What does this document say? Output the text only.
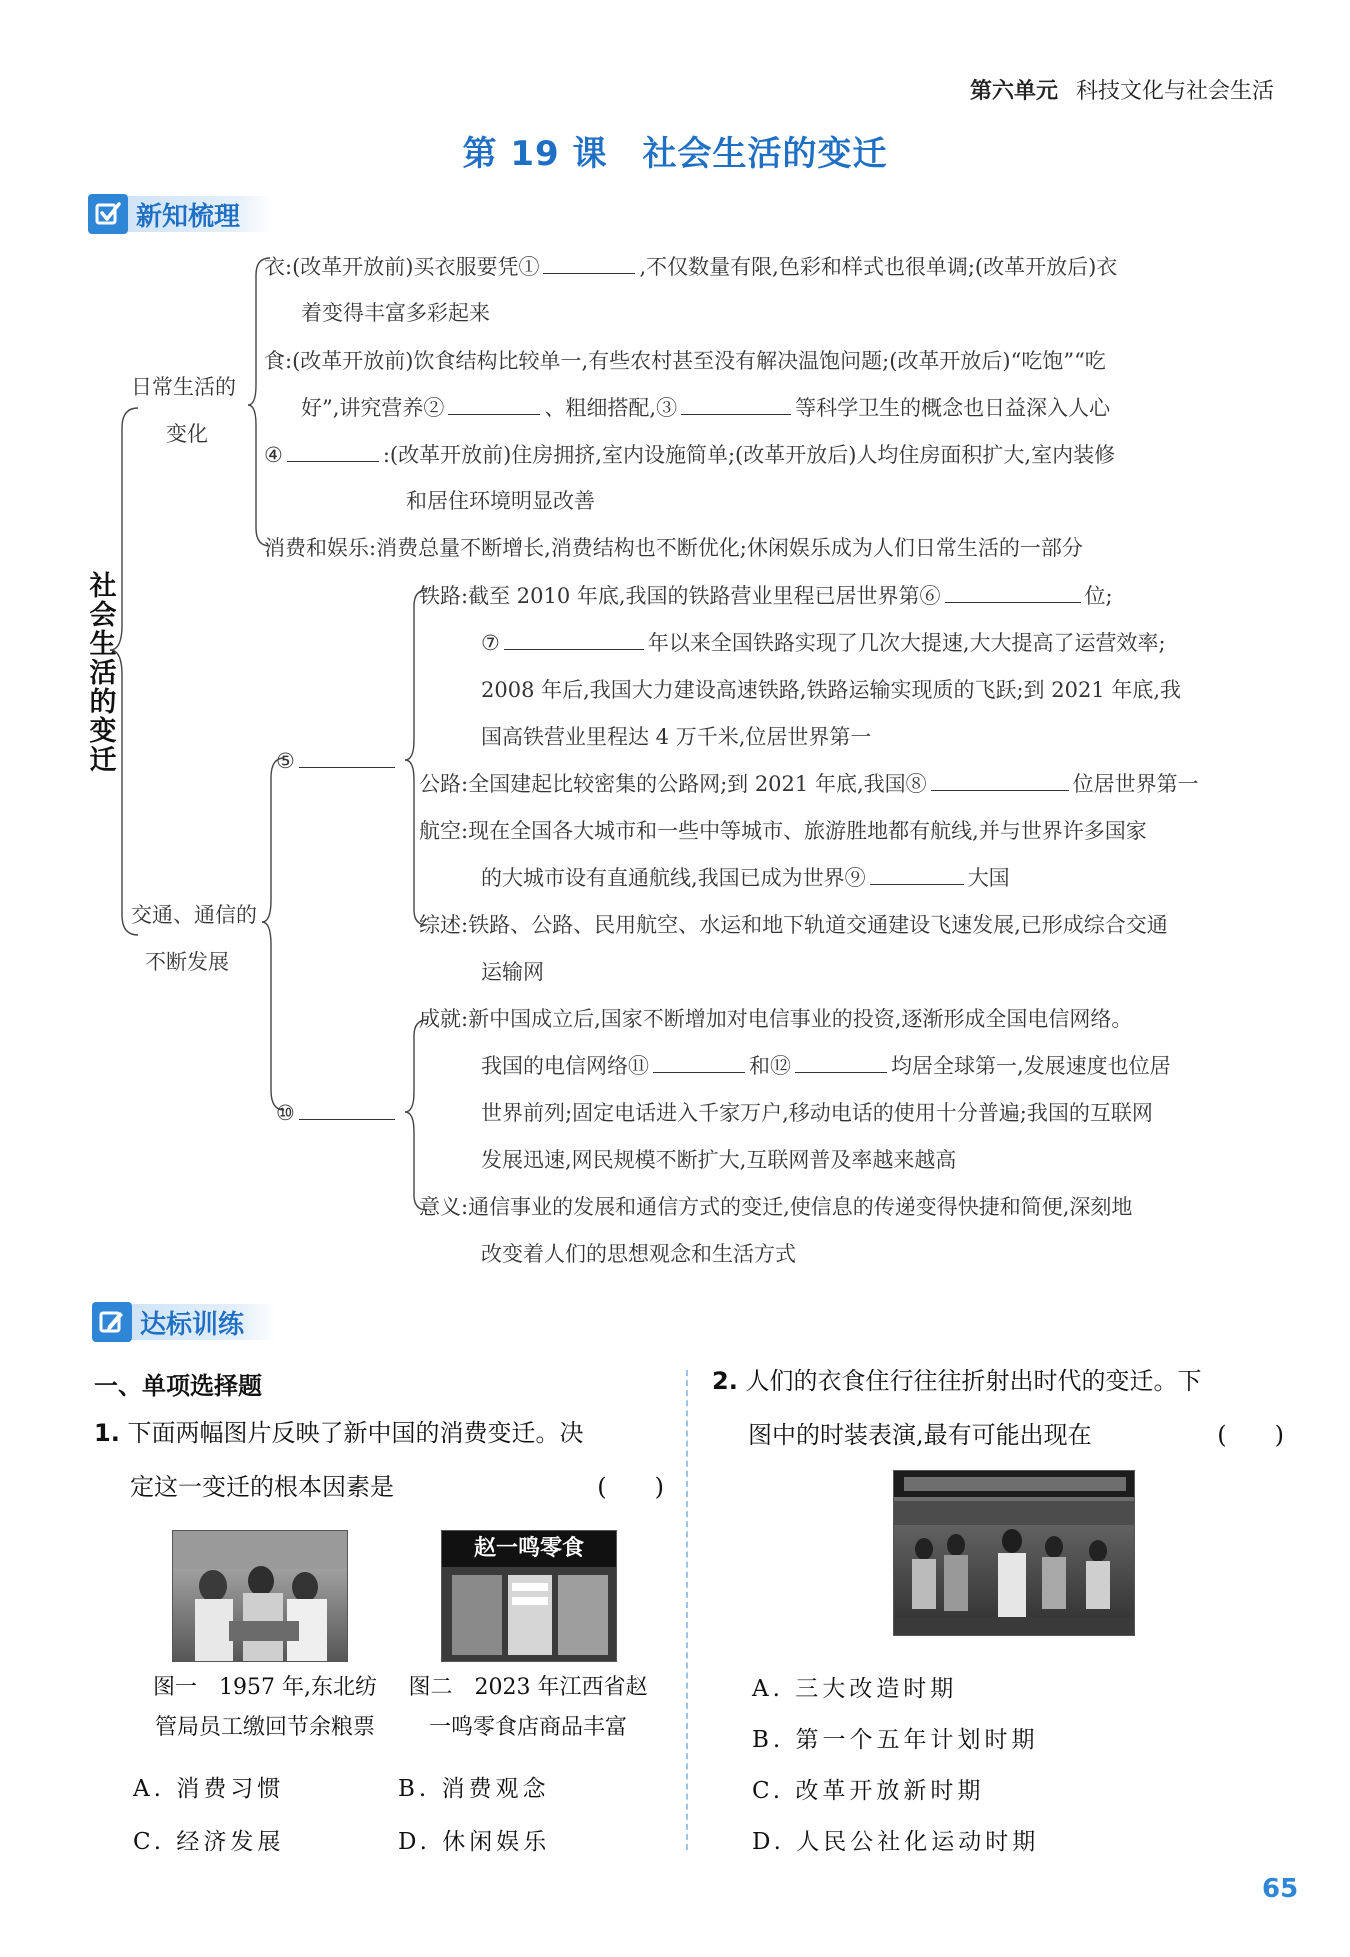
第六单元 科技文化与社会生活
第 19 课　社会生活的变迁
新知梳理
社
会
生
活
的
变
迁
日常生活的
变化
衣:(改革开放前)买衣服要凭①	,不仅数量有限,色彩和样式也很单调;(改革开放后)衣
着变得丰富多彩起来
食:(改革开放前)饮食结构比较单一,有些农村甚至没有解决温饱问题;(改革开放后)“吃饱”“吃
好”,讲究营养②	、粗细搭配,③	等科学卫生的概念也日益深入人心
④	:(改革开放前)住房拥挤,室内设施简单;(改革开放后)人均住房面积扩大,室内装修
和居住环境明显改善
消费和娱乐:消费总量不断增长,消费结构也不断优化;休闲娱乐成为人们日常生活的一部分
交通、通信的
不断发展
⑤
铁路:截至 2010 年底,我国的铁路营业里程已居世界第⑥	位;
⑦	年以来全国铁路实现了几次大提速,大大提高了运营效率;
2008 年后,我国大力建设高速铁路,铁路运输实现质的飞跃;到 2021 年底,我
国高铁营业里程达 4 万千米,位居世界第一
公路:全国建起比较密集的公路网;到 2021 年底,我国⑧	位居世界第一
航空:现在全国各大城市和一些中等城市、旅游胜地都有航线,并与世界许多国家
的大城市设有直通航线,我国已成为世界⑨	大国
综述:铁路、公路、民用航空、水运和地下轨道交通建设飞速发展,已形成综合交通
运输网
⑩
成就:新中国成立后,国家不断增加对电信事业的投资,逐渐形成全国电信网络。
我国的电信网络⑪	和⑫	均居全球第一,发展速度也位居
世界前列;固定电话进入千家万户,移动电话的使用十分普遍;我国的互联网
发展迅速,网民规模不断扩大,互联网普及率越来越高
意义:通信事业的发展和通信方式的变迁,使信息的传递变得快捷和简便,深刻地
改变着人们的思想观念和生活方式
达标训练
一、单项选择题
1. 下面两幅图片反映了新中国的消费变迁。决
定这一变迁的根本因素是	(　　)
图一　1957 年,东北纺
管局员工缴回节余粮票
赵一鸣零食
图二　2023 年江西省赵
一鸣零食店商品丰富
A. 消费习惯	B. 消费观念
C. 经济发展	D. 休闲娱乐
2. 人们的衣食住行往往折射出时代的变迁。下
图中的时装表演,最有可能出现在	(　　)
A. 三大改造时期
B. 第一个五年计划时期
C. 改革开放新时期
D. 人民公社化运动时期
65
